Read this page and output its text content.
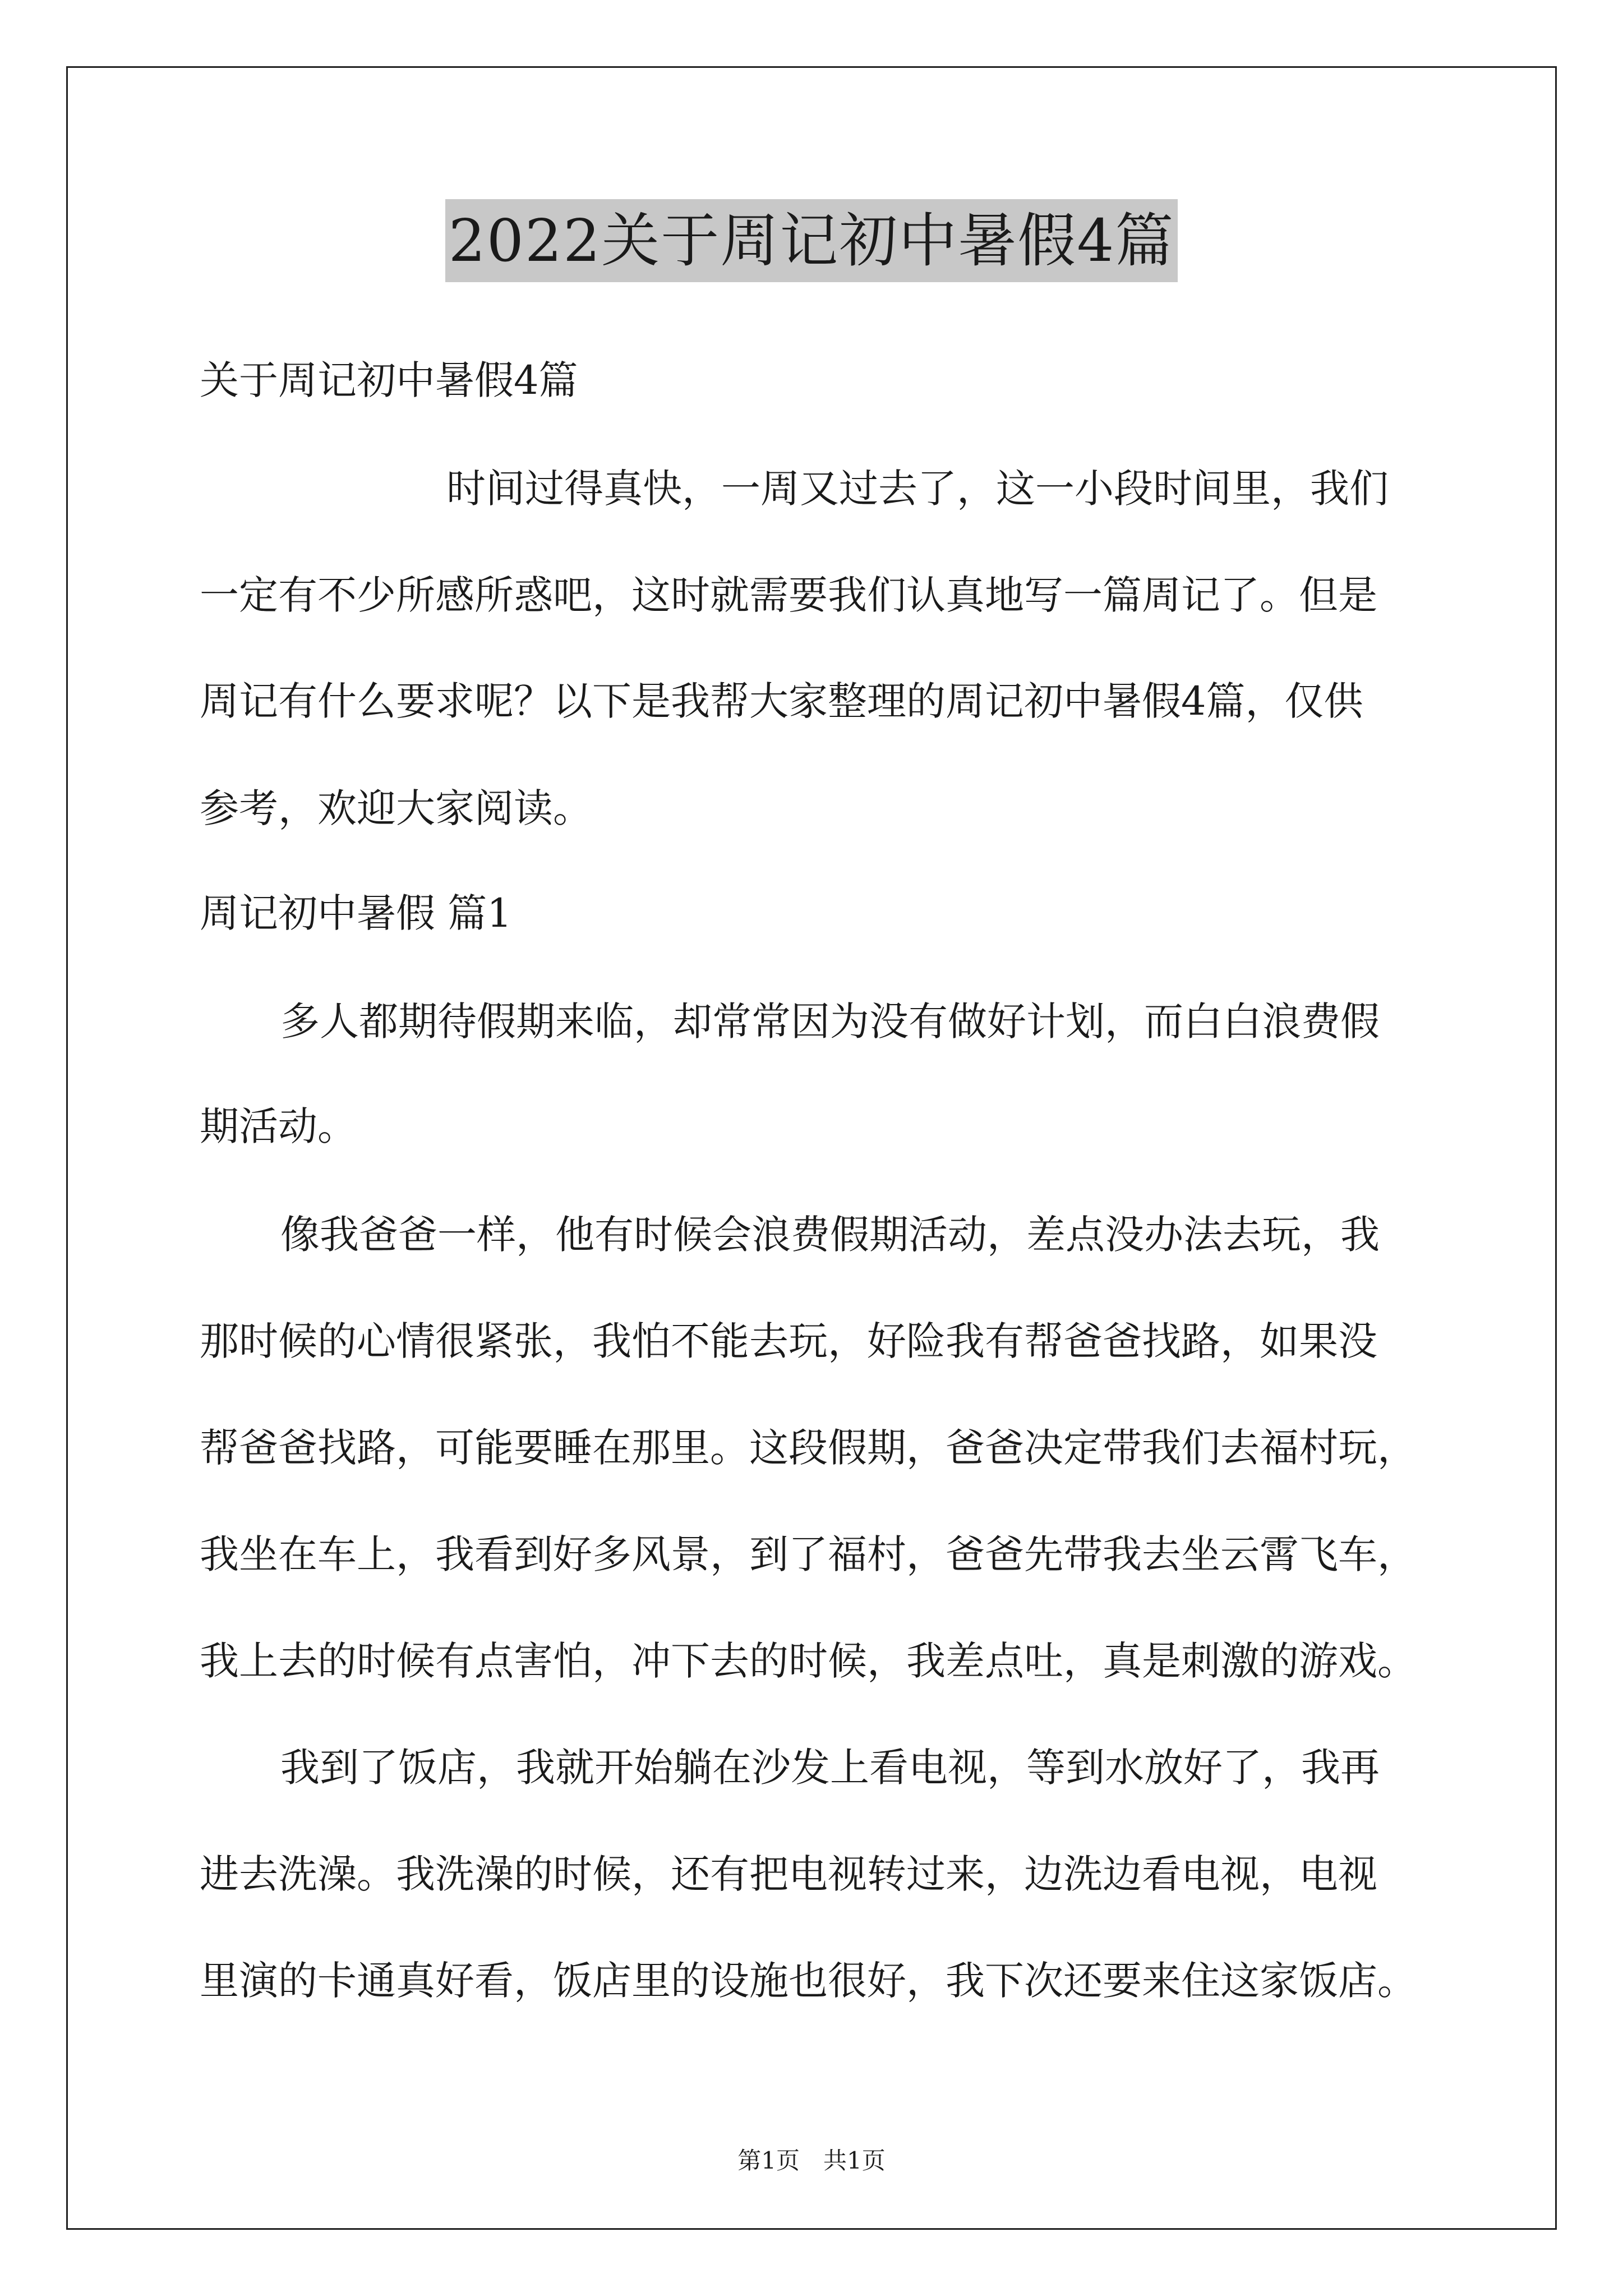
2022关于周记初中暑假4篇
关于周记初中暑假4篇
时间过得真快，一周又过去了，这一小段时间里，我们
一定有不少所感所惑吧，这时就需要我们认真地写一篇周记了。但是
周记有什么要求呢？以下是我帮大家整理的周记初中暑假4篇，仅供
参考，欢迎大家阅读。
周记初中暑假 篇1
多人都期待假期来临，却常常因为没有做好计划，而白白浪费假
期活动。
像我爸爸一样，他有时候会浪费假期活动，差点没办法去玩，我
那时候的心情很紧张，我怕不能去玩，好险我有帮爸爸找路，如果没
帮爸爸找路，可能要睡在那里。这段假期，爸爸决定带我们去福村玩，
我坐在车上，我看到好多风景，到了福村，爸爸先带我去坐云霄飞车，
我上去的时候有点害怕，冲下去的时候，我差点吐，真是刺激的游戏。
我到了饭店，我就开始躺在沙发上看电视，等到水放好了，我再
进去洗澡。我洗澡的时候，还有把电视转过来，边洗边看电视，电视
里演的卡通真好看，饭店里的设施也很好，我下次还要来住这家饭店。
第1页　共1页
